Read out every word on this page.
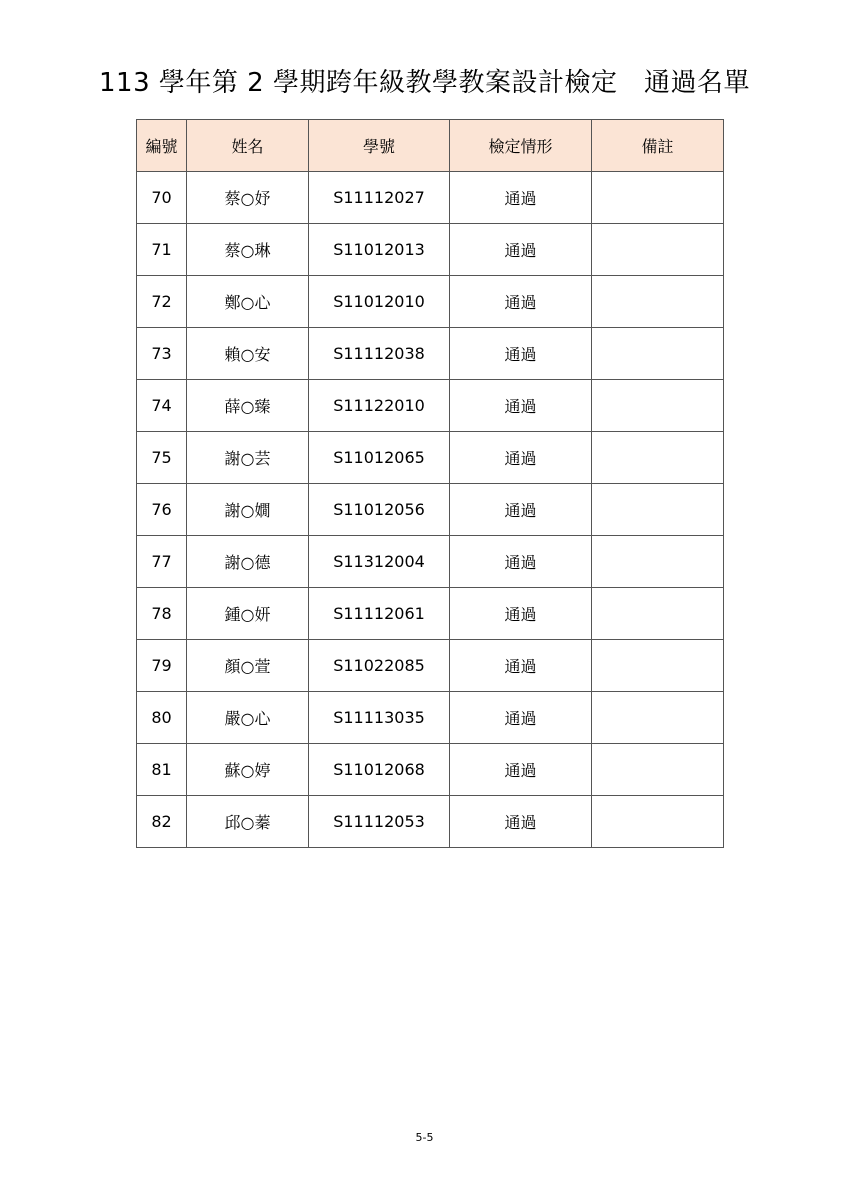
113 學年第 2 學期跨年級教學教案設計檢定　通過名單
編號	姓名	學號	檢定情形	備註
70	蔡○妤	S11112027	通過	
71	蔡○琳	S11012013	通過	
72	鄭○心	S11012010	通過	
73	賴○安	S11112038	通過	
74	薛○臻	S11122010	通過	
75	謝○芸	S11012065	通過	
76	謝○嫺	S11012056	通過	
77	謝○德	S11312004	通過	
78	鍾○妍	S11112061	通過	
79	顏○萱	S11022085	通過	
80	嚴○心	S11113035	通過	
81	蘇○婷	S11012068	通過	
82	邱○蓁	S11112053	通過	
5-5
